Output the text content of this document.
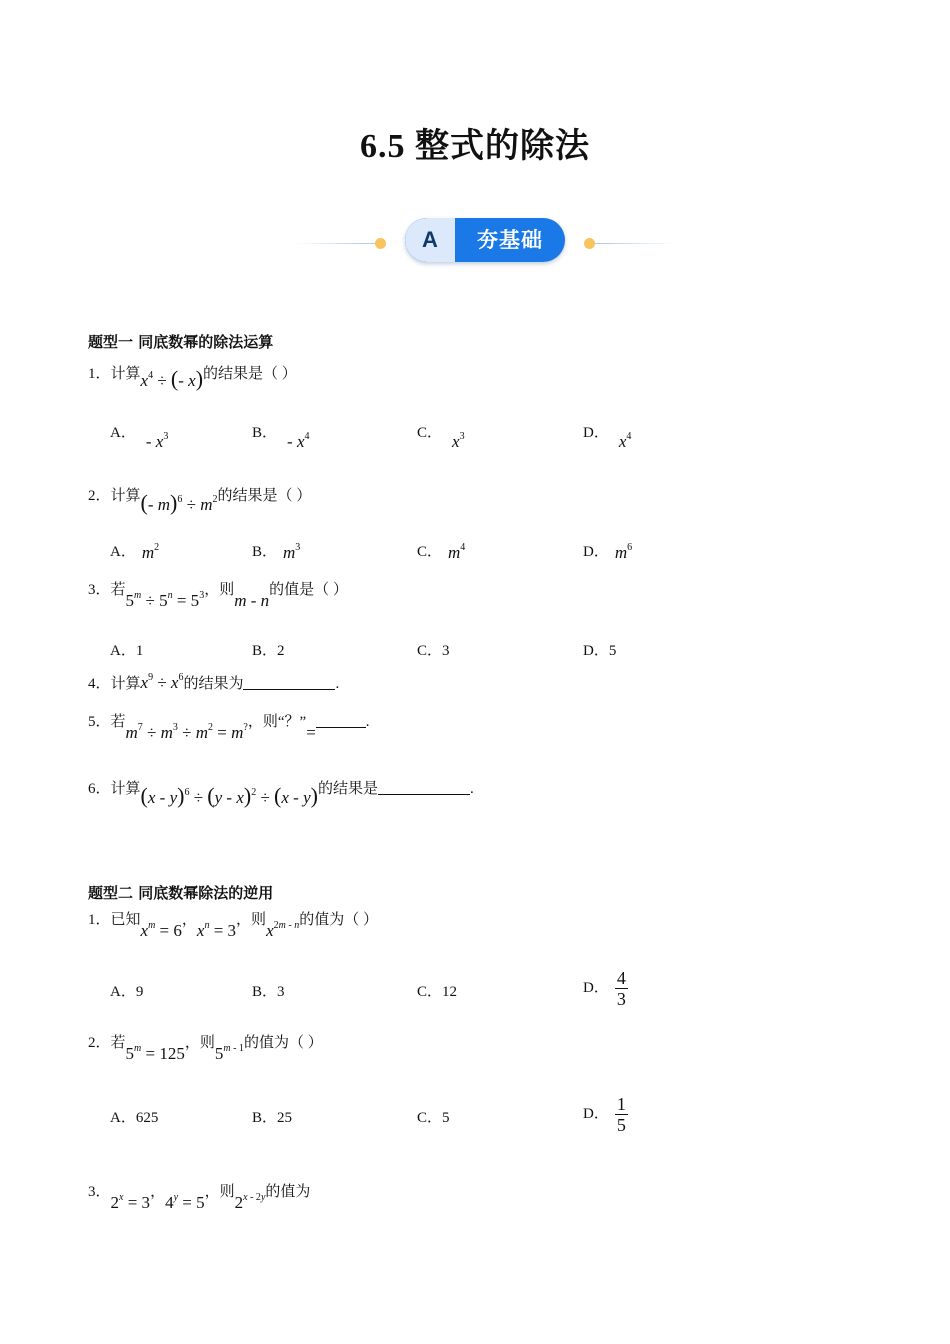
6.5 整式的除法
A	夯基础
题型一 同底数幂的除法运算
1．计算$x^4$ ÷ (- x)的结果是（ ）
A． - $x^3$	B． - $x^4$	C． $x^3$	D． $x^4$
2．计算(- $m)^6 \div m^2$的结果是（ ）
A． $m^2$	B． $m^3$	C． $m^4$	D． $m^6$
3．若$5^m \div 5^n = 5^3$，则m - n的值是（ ）
A．1	B．2	C．3	D．5
4．计算$x^9 \div x^6$的结果为	.
5．若$m^7 \div m^3 \div m^2 = m^?$，则“？”=.
6．计算(x - y)$^6$ ÷ (y - x)$^2$ ÷ (x - y)的结果是	.
题型二 同底数幂除法的逆用
1．已知$x^m = 6$，$x^n = 3$，则$x^{2m - n}$的值为（ ）
A．9	B．3	C．12	D． $\frac{4}{3}$
2．若$5^m = 125$，则5$^{m - 1}$的值为（ ）
A．625	B．25	C．5	D． $\frac{1}{5}$
3．$2^x = 3$，$4^y = 5$，则$2^{x - 2y}$的值为
